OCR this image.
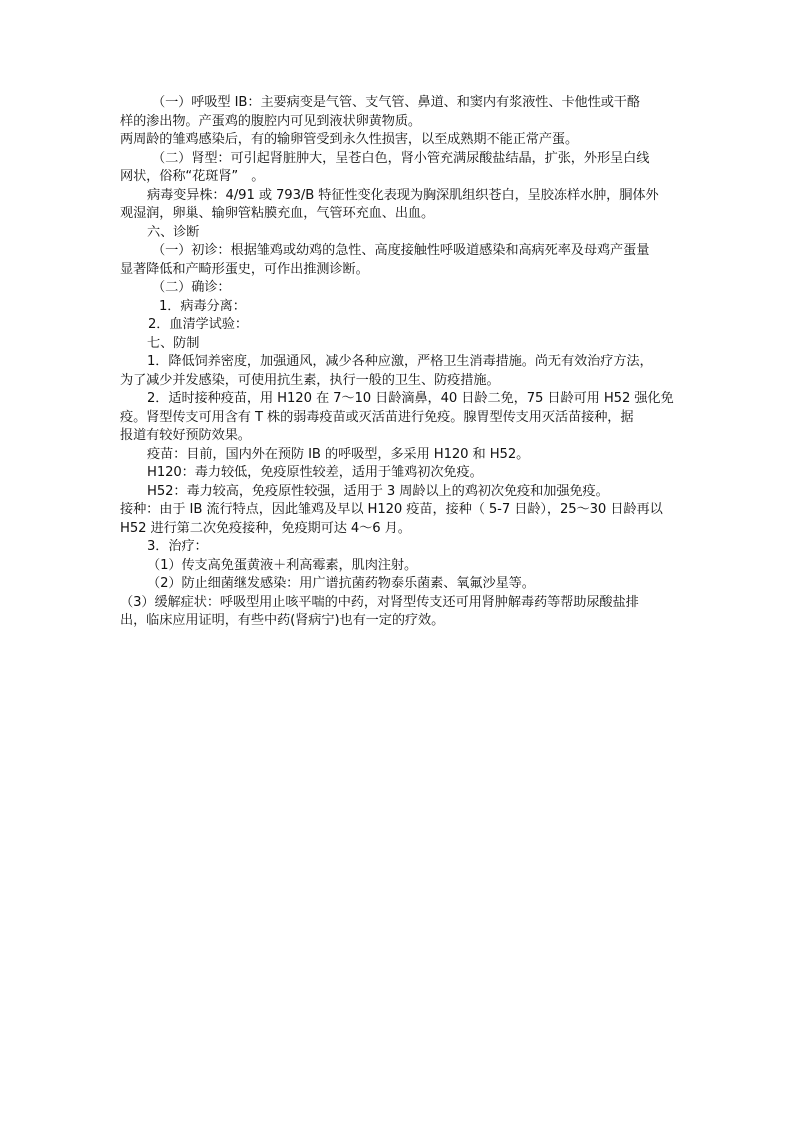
（一）呼吸型 IB：主要病变是气管、支气管、鼻道、和窦内有浆液性、卡他性或干酪
样的渗出物。产蛋鸡的腹腔内可见到液状卵黄物质。
两周龄的雏鸡感染后，有的输卵管受到永久性损害，以至成熟期不能正常产蛋。
（二）肾型：可引起肾脏肿大，呈苍白色，肾小管充满尿酸盐结晶，扩张，外形呈白线
网状，俗称“花斑肾”　。
病毒变异株：4/91 或 793/B 特征性变化表现为胸深肌组织苍白，呈胶冻样水肿，胴体外
观湿润，卵巢、输卵管粘膜充血，气管环充血、出血。
六、诊断
（一）初诊：根据雏鸡或幼鸡的急性、高度接触性呼吸道感染和高病死率及母鸡产蛋量
显著降低和产畸形蛋史，可作出推测诊断。
（二）确诊：
1．病毒分离：
2．血清学试验：
七、防制
1．降低饲养密度，加强通风，减少各种应激，严格卫生消毒措施。尚无有效治疗方法，
为了减少并发感染，可使用抗生素，执行一般的卫生、防疫措施。
2．适时接种疫苗，用 H120 在 7～10 日龄滴鼻，40 日龄二免，75 日龄可用 H52 强化免
疫。肾型传支可用含有 T 株的弱毒疫苗或灭活苗进行免疫。腺胃型传支用灭活苗接种，据
报道有较好预防效果。
疫苗：目前，国内外在预防 IB 的呼吸型，多采用 H120 和 H52。
H120：毒力较低，免疫原性较差，适用于雏鸡初次免疫。
H52：毒力较高，免疫原性较强，适用于 3 周龄以上的鸡初次免疫和加强免疫。
接种：由于 IB 流行特点，因此雏鸡及早以 H120 疫苗，接种（ 5-7 日龄），25～30 日龄再以
H52 进行第二次免疫接种，免疫期可达 4～6 月。
3．治疗：
（1）传支高免蛋黄液＋利高霉素，肌肉注射。
（2）防止细菌继发感染：用广谱抗菌药物泰乐菌素、氧氟沙星等。
（3）缓解症状：呼吸型用止咳平喘的中药，对肾型传支还可用肾肿解毒药等帮助尿酸盐排
出，临床应用证明，有些中药(肾病宁)也有一定的疗效。
